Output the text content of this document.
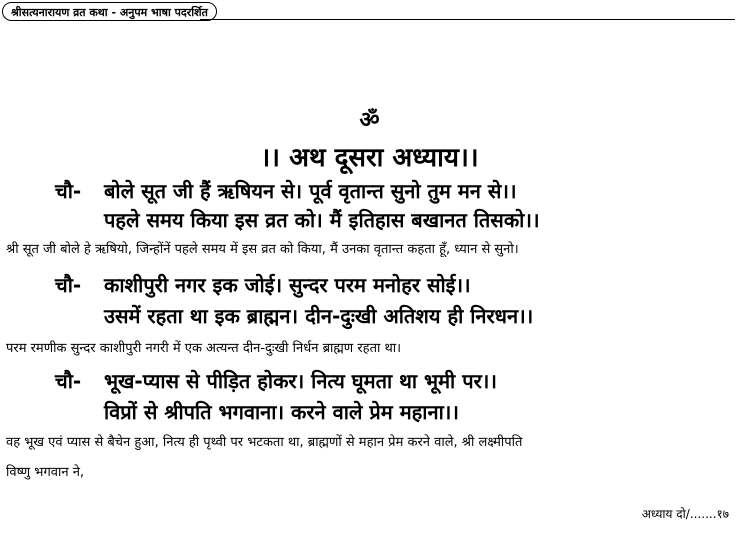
श्रीसत्यनारायण व्रत कथा - अनुपम भाषा पदरर्शित
ॐ
।। अथ दूसरा अध्याय।।
चौ- बोले सूत जी हैं ऋषियन से। पूर्व वृतान्त सुनो तुम मन से।।
पहले समय किया इस व्रत को। मैं इतिहास बखानत तिसको।।
श्री सूत जी बोले हे ऋषियो, जिन्होंनें पहले समय में इस व्रत को किया, मैं उनका वृतान्त कहता हूँ, ध्यान से सुनो।
चौ- काशीपुरी नगर इक जोई। सुन्दर परम मनोहर सोई।।
उसमें रहता था इक ब्राह्मन। दीन-दुःखी अतिशय ही निरधन।।
परम रमणीक सुन्दर काशीपुरी नगरी में एक अत्यन्त दीन-दुःखी निर्धन ब्राह्मण रहता था।
चौ- भूख-प्यास से पीड़ित होकर। नित्य घूमता था भूमी पर।।
विप्रों से श्रीपति भगवाना। करने वाले प्रेम महाना।।
वह भूख एवं प्यास से बैचेन हुआ, नित्य ही पृथ्वी पर भटकता था, ब्राह्मणों से महान प्रेम करने वाले, श्री लक्ष्मीपति
विष्णु भगवान ने,
अध्याय दो/.......१७
